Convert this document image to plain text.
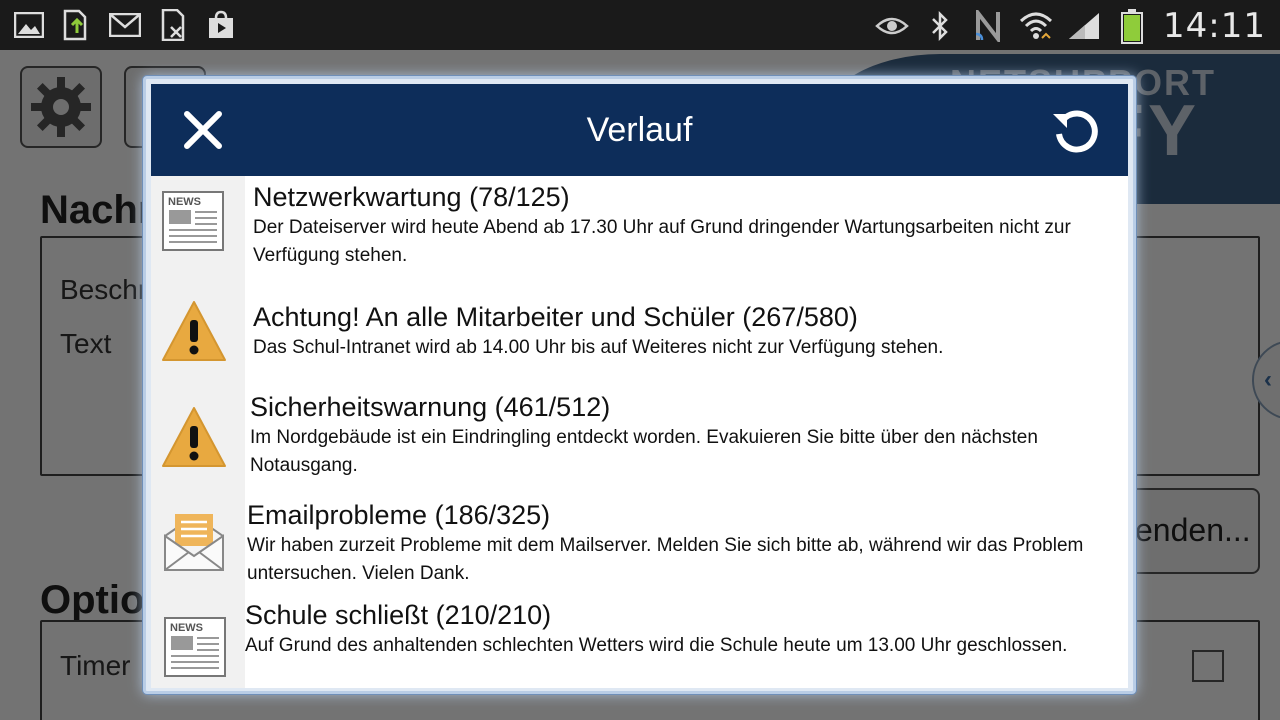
14:11
Verlauf
NEWS Netzwerkwartung (78/125)
Der Dateiserver wird heute Abend ab 17.30 Uhr auf Grund dringender Wartungsarbeiten nicht zur Verfügung stehen.
Achtung! An alle Mitarbeiter und Schüler (267/580)
Das Schul-Intranet wird ab 14.00 Uhr bis auf Weiteres nicht zur Verfügung stehen.
Sicherheitswarnung (461/512)
Im Nordgebäude ist ein Eindringling entdeckt worden. Evakuieren Sie bitte über den nächsten Notausgang.
Emailprobleme (186/325)
Wir haben zurzeit Probleme mit dem Mailserver. Melden Sie sich bitte ab, während wir das Problem untersuchen. Vielen Dank.
NEWS Schule schließt (210/210)
Auf Grund des anhaltenden schlechten Wetters wird die Schule heute um 13.00 Uhr geschlossen.
